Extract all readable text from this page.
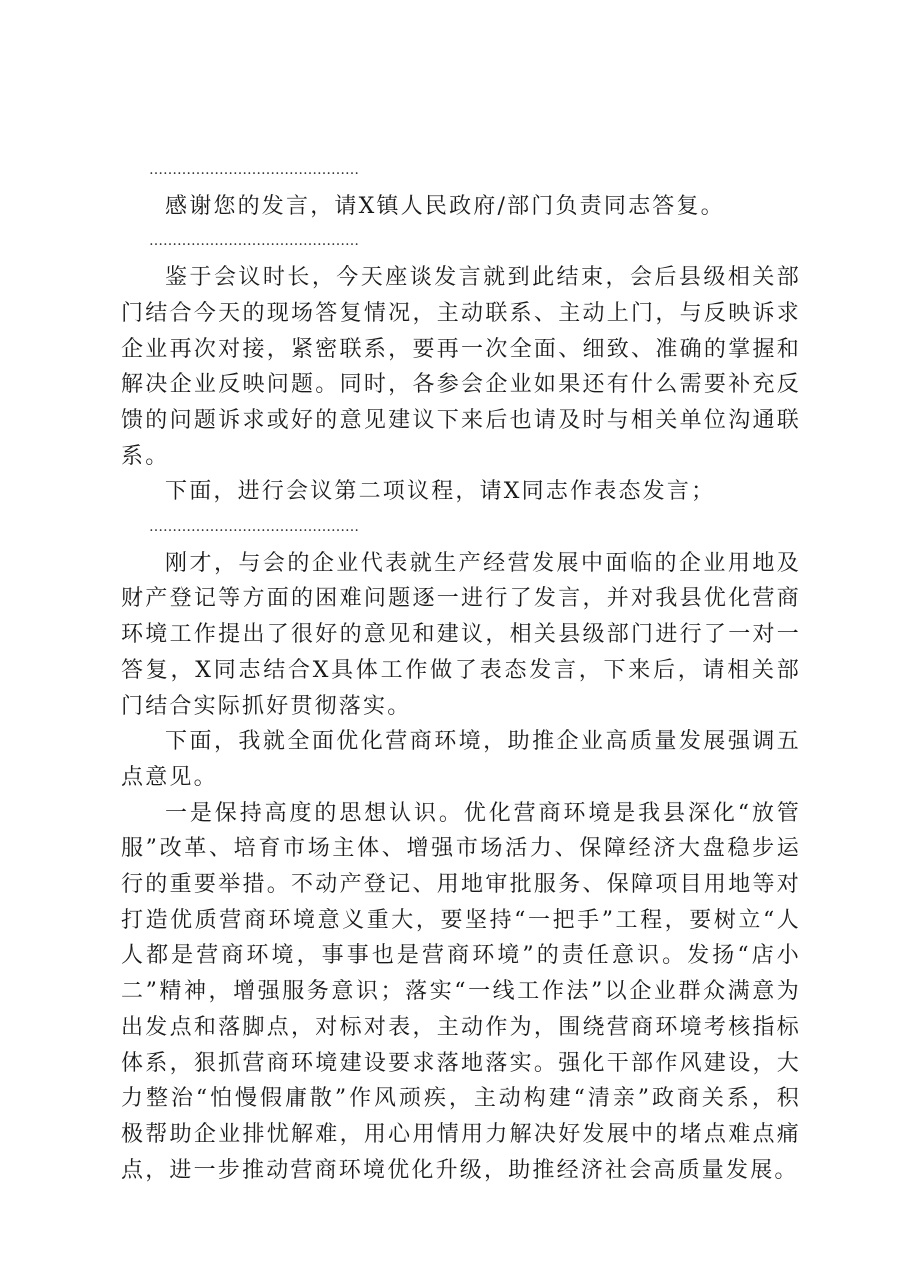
………………………………………

感谢您的发言，请X镇人民政府/部门负责同志答复。

………………………………………

鉴于会议时长，今天座谈发言就到此结束，会后县级相关部门结合今天的现场答复情况，主动联系、主动上门，与反映诉求企业再次对接，紧密联系，要再一次全面、细致、准确的掌握和解决企业反映问题。同时，各参会企业如果还有什么需要补充反馈的问题诉求或好的意见建议下来后也请及时与相关单位沟通联系。

下面，进行会议第二项议程，请X同志作表态发言；

………………………………………

刚才，与会的企业代表就生产经营发展中面临的企业用地及财产登记等方面的困难问题逐一进行了发言，并对我县优化营商环境工作提出了很好的意见和建议，相关县级部门进行了一对一答复，X同志结合X具体工作做了表态发言，下来后，请相关部门结合实际抓好贯彻落实。

下面，我就全面优化营商环境，助推企业高质量发展强调五点意见。

一是保持高度的思想认识。优化营商环境是我县深化“放管服”改革、培育市场主体、增强市场活力、保障经济大盘稳步运行的重要举措。不动产登记、用地审批服务、保障项目用地等对打造优质营商环境意义重大，要坚持“一把手”工程，要树立“人人都是营商环境，事事也是营商环境”的责任意识。发扬“店小二”精神，增强服务意识；落实“一线工作法”以企业群众满意为出发点和落脚点，对标对表，主动作为，围绕营商环境考核指标体系，狠抓营商环境建设要求落地落实。强化干部作风建设，大力整治“怕慢假庸散”作风顽疾，主动构建“清亲”政商关系，积极帮助企业排忧解难，用心用情用力解决好发展中的堵点难点痛点，进一步推动营商环境优化升级，助推经济社会高质量发展。
